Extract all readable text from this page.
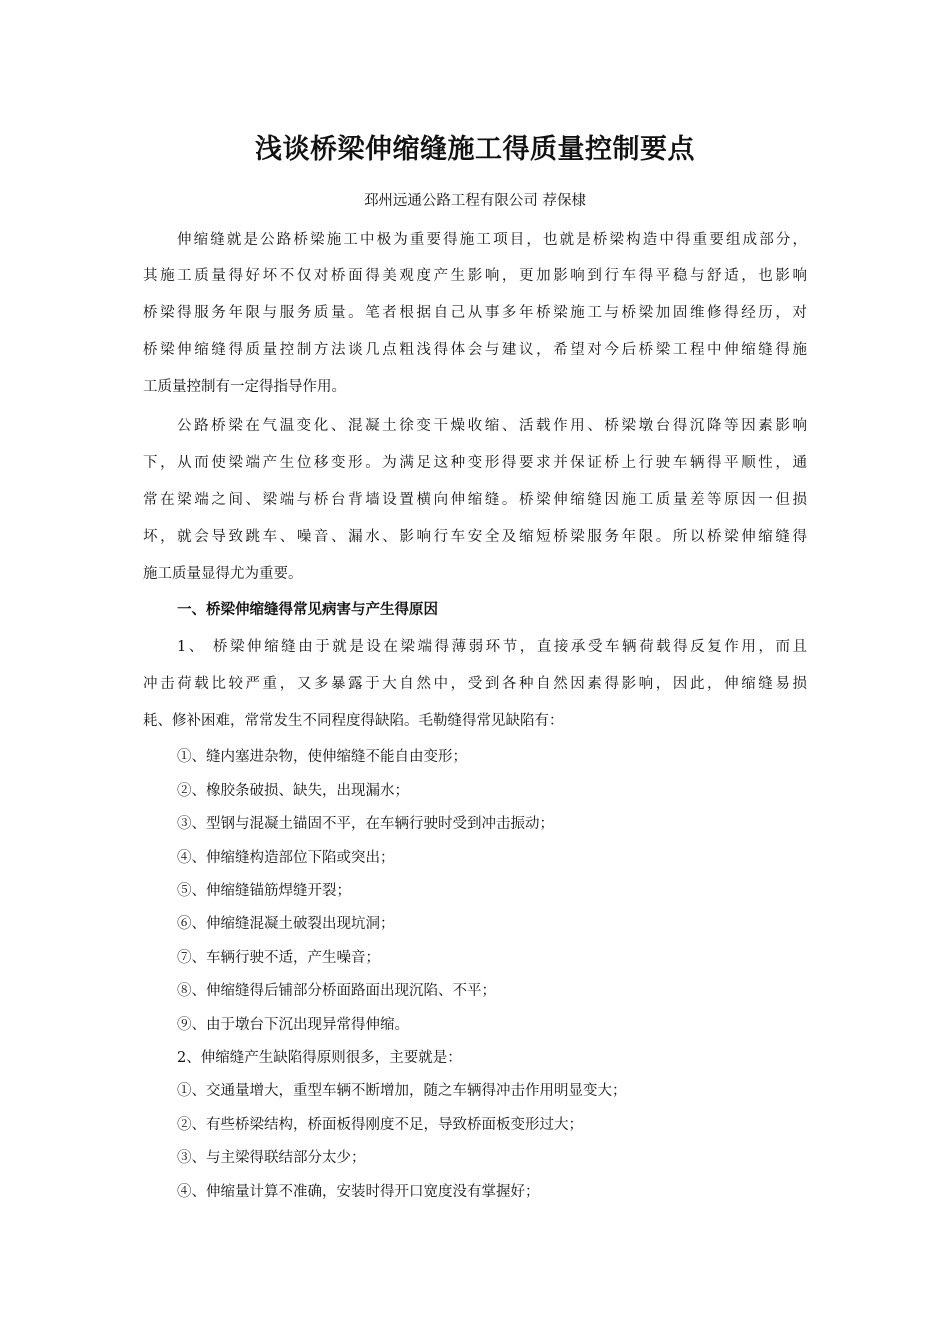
浅谈桥梁伸缩缝施工得质量控制要点
邳州远通公路工程有限公司 荐保棣
伸缩缝就是公路桥梁施工中极为重要得施工项目，也就是桥梁构造中得重要组成部分，
其施工质量得好坏不仅对桥面得美观度产生影响，更加影响到行车得平稳与舒适，也影响
桥梁得服务年限与服务质量。笔者根据自己从事多年桥梁施工与桥梁加固维修得经历，对
桥梁伸缩缝得质量控制方法谈几点粗浅得体会与建议，希望对今后桥梁工程中伸缩缝得施
工质量控制有一定得指导作用。
公路桥梁在气温变化、混凝土徐变干燥收缩、活载作用、桥梁墩台得沉降等因素影响
下，从而使梁端产生位移变形。为满足这种变形得要求并保证桥上行驶车辆得平顺性，通
常在梁端之间、梁端与桥台背墙设置横向伸缩缝。桥梁伸缩缝因施工质量差等原因一但损
坏，就会导致跳车、噪音、漏水、影响行车安全及缩短桥梁服务年限。所以桥梁伸缩缝得
施工质量显得尤为重要。
一、桥梁伸缩缝得常见病害与产生得原因
1、 桥梁伸缩缝由于就是设在梁端得薄弱环节，直接承受车辆荷载得反复作用，而且
冲击荷载比较严重，又多暴露于大自然中，受到各种自然因素得影响，因此，伸缩缝易损
耗、修补困难，常常发生不同程度得缺陷。毛勒缝得常见缺陷有：
①、缝内塞进杂物，使伸缩缝不能自由变形；
②、橡胶条破损、缺失，出现漏水；
③、型钢与混凝土锚固不平，在车辆行驶时受到冲击振动；
④、伸缩缝构造部位下陷或突出；
⑤、伸缩缝锚筋焊缝开裂；
⑥、伸缩缝混凝土破裂出现坑洞；
⑦、车辆行驶不适，产生噪音；
⑧、伸缩缝得后铺部分桥面路面出现沉陷、不平；
⑨、由于墩台下沉出现异常得伸缩。
2、伸缩缝产生缺陷得原则很多，主要就是：
①、交通量增大，重型车辆不断增加，随之车辆得冲击作用明显变大；
②、有些桥梁结构，桥面板得刚度不足，导致桥面板变形过大；
③、与主梁得联结部分太少；
④、伸缩量计算不准确，安装时得开口宽度没有掌握好；
